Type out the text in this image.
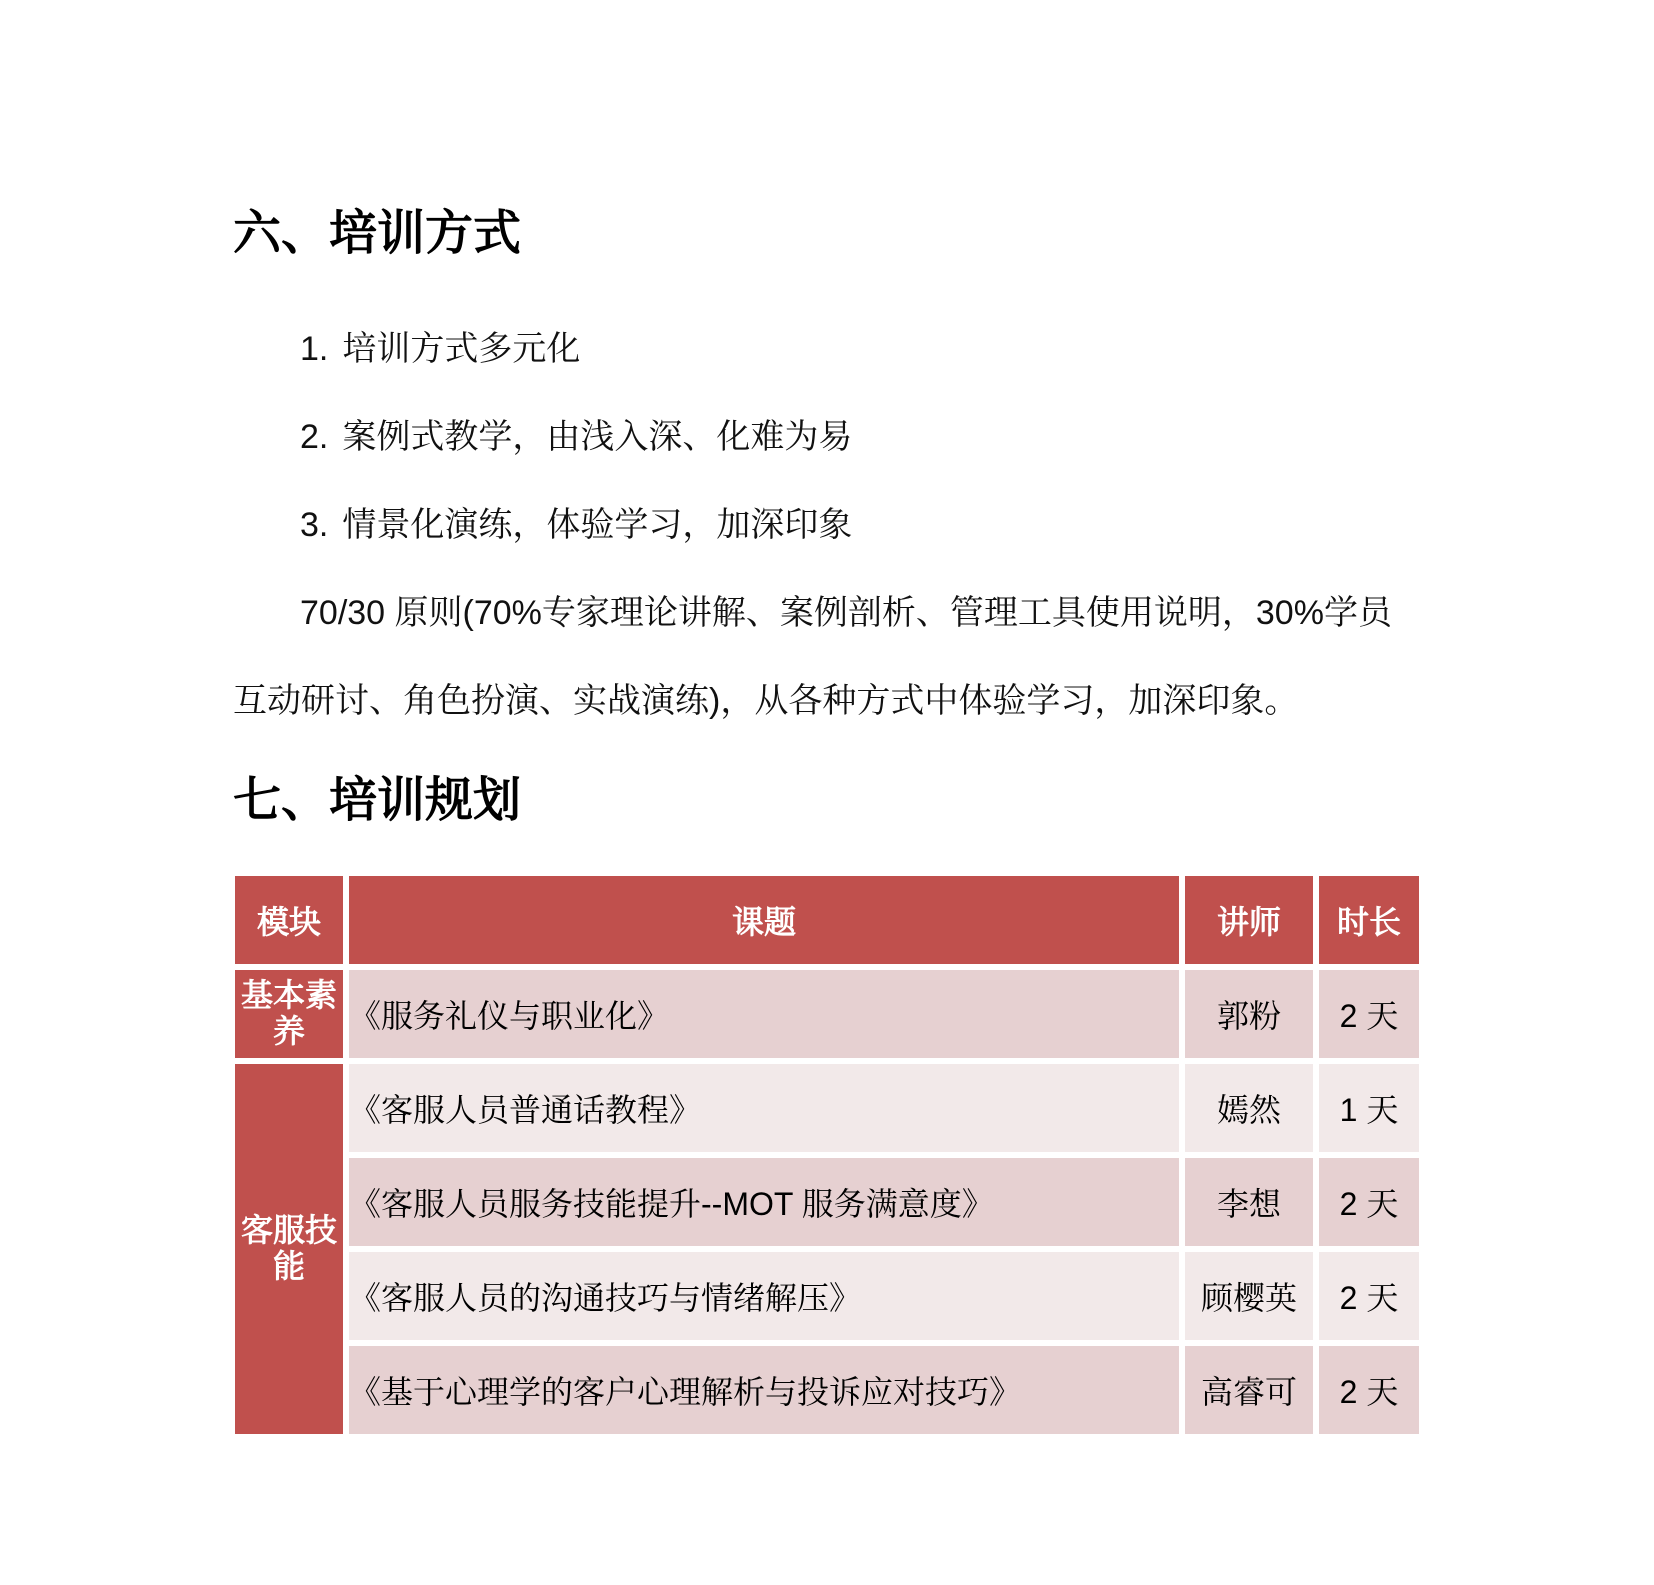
六、培训方式
1. 培训方式多元化
2. 案例式教学，由浅入深、化难为易
3. 情景化演练，体验学习，加深印象
70/30 原则(70%专家理论讲解、案例剖析、管理工具使用说明，30%学员
互动研讨、角色扮演、实战演练)，从各种方式中体验学习，加深印象。
七、培训规划
模块	课题	讲师	时长
基本素养	《服务礼仪与职业化》	郭粉	2 天
客服技能	《客服人员普通话教程》	嫣然	1 天
	《客服人员服务技能提升--MOT 服务满意度》	李想	2 天
	《客服人员的沟通技巧与情绪解压》	顾樱英	2 天
	《基于心理学的客户心理解析与投诉应对技巧》	高睿可	2 天
